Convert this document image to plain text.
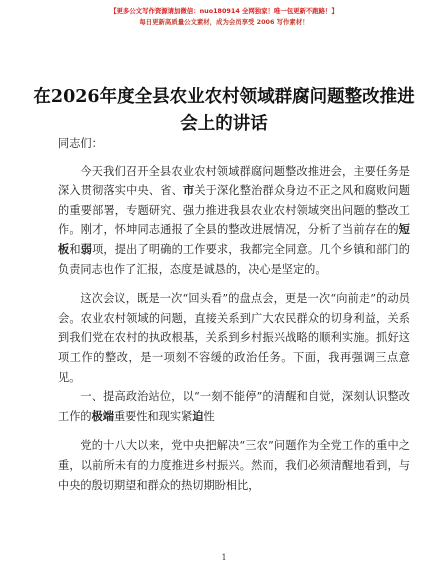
【更多公文写作资源请加微信：nuo180914 全网独家！唯一包更新不跑路！】
每日更新高质量公文素材，成为会员享受 2006 写作素材！
在2026年度全县农业农村领域群腐问题整改推进会上的讲话

同志们：

今天我们召开全县农业农村领域群腐问题整改推进会，主要任务是深入贯彻落实中央、省、市关于深化整治群众身边不正之风和腐败问题的重要部署，专题研究、强力推进我县农业农村领域突出问题的整改工作。刚才，怀坤同志通报了全县的整改进展情况，分析了当前存在的短板和弱项，提出了明确的工作要求，我都完全同意。几个乡镇和部门的负责同志也作了汇报，态度是诚恳的，决心是坚定的。

这次会议，既是一次“回头看”的盘点会，更是一次“向前走”的动员会。农业农村领域的问题，直接关系到广大农民群众的切身利益，关系到我们党在农村的执政根基，关系到乡村振兴战略的顺利实施。抓好这项工作的整改，是一项刻不容缓的政治任务。下面，我再强调三点意见。

一、提高政治站位，以“一刻不能停”的清醒和自觉，深刻认识整改工作的极端重要性和现实紧迫性

党的十八大以来，党中央把解决“三农”问题作为全党工作的重中之重，以前所未有的力度推进乡村振兴。然而，我们必须清醒地看到，与中央的殷切期望和群众的热切期盼相比，

1
